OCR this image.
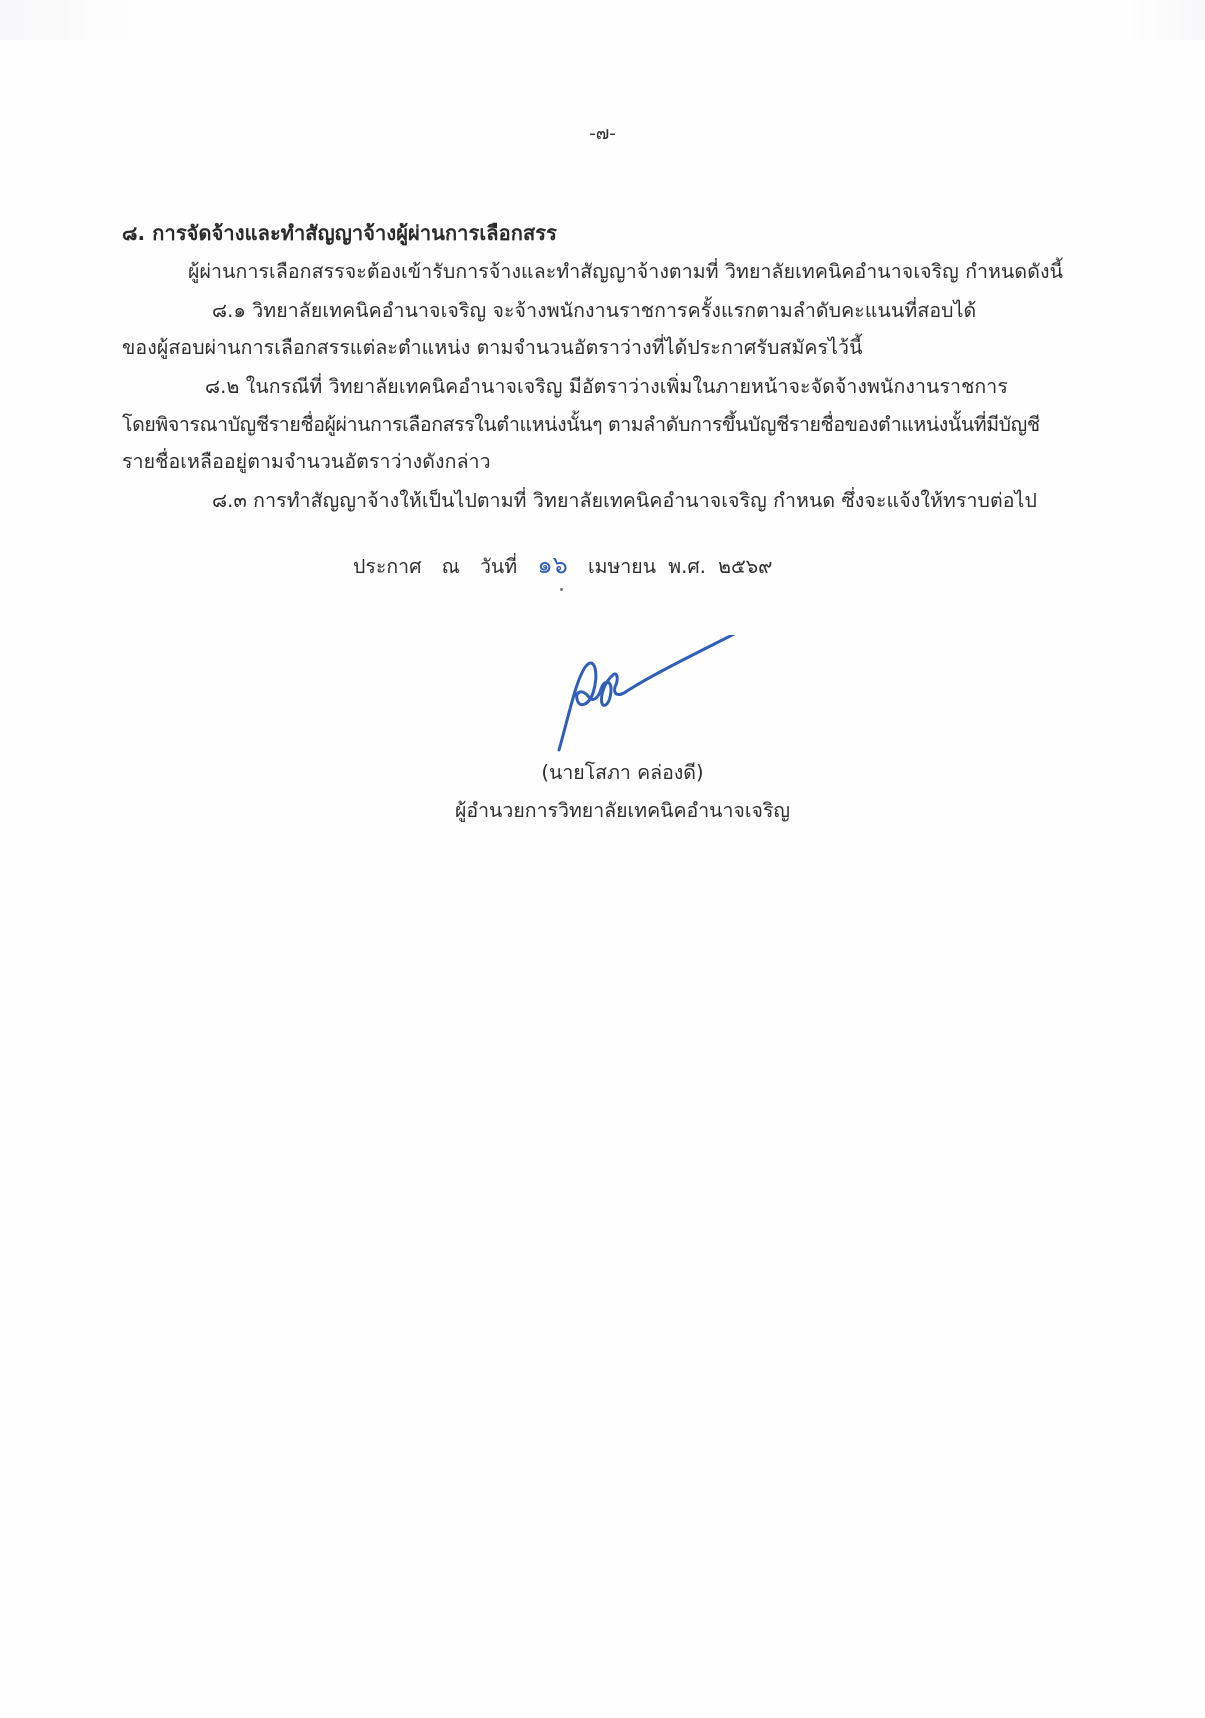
-๗-
๘. การจัดจ้างและทำสัญญาจ้างผู้ผ่านการเลือกสรร
ผู้ผ่านการเลือกสรรจะต้องเข้ารับการจ้างและทำสัญญาจ้างตามที่ วิทยาลัยเทคนิคอำนาจเจริญ กำหนดดังนี้
๘.๑ วิทยาลัยเทคนิคอำนาจเจริญ จะจ้างพนักงานราชการครั้งแรกตามลำดับคะแนนที่สอบได้
ของผู้สอบผ่านการเลือกสรรแต่ละตำแหน่ง ตามจำนวนอัตราว่างที่ได้ประกาศรับสมัครไว้นี้
๘.๒ ในกรณีที่ วิทยาลัยเทคนิคอำนาจเจริญ มีอัตราว่างเพิ่มในภายหน้าจะจัดจ้างพนักงานราชการ
โดยพิจารณาบัญชีรายชื่อผู้ผ่านการเลือกสรรในตำแหน่งนั้นๆ ตามลำดับการขึ้นบัญชีรายชื่อของตำแหน่งนั้นที่มีบัญชี
รายชื่อเหลืออยู่ตามจำนวนอัตราว่างดังกล่าว
๘.๓ การทำสัญญาจ้างให้เป็นไปตามที่ วิทยาลัยเทคนิคอำนาจเจริญ กำหนด ซึ่งจะแจ้งให้ทราบต่อไป
ประกาศ ณ วันที่ ๑๖ เมษายน พ.ศ. ๒๕๖๙
(นายโสภา คล่องดี)
ผู้อำนวยการวิทยาลัยเทคนิคอำนาจเจริญ
